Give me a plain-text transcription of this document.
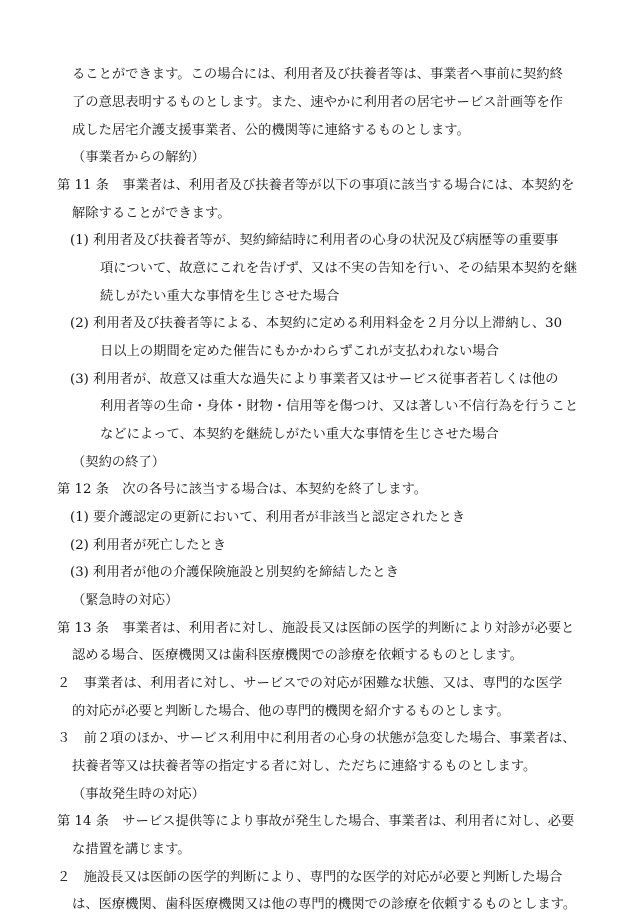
ることができます。この場合には、利用者及び扶養者等は、事業者へ事前に契約終
了の意思表明するものとします。また、速やかに利用者の居宅サービス計画等を作
成した居宅介護支援事業者、公的機関等に連絡するものとします。
（事業者からの解約）
第 11 条　事業者は、利用者及び扶養者等が以下の事項に該当する場合には、本契約を
解除することができます。
(1) 利用者及び扶養者等が、契約締結時に利用者の心身の状況及び病歴等の重要事
項について、故意にこれを告げず、又は不実の告知を行い、その結果本契約を継
続しがたい重大な事情を生じさせた場合
(2) 利用者及び扶養者等による、本契約に定める利用料金を２月分以上滞納し、30
日以上の期間を定めた催告にもかかわらずこれが支払われない場合
(3) 利用者が、故意又は重大な過失により事業者又はサービス従事者若しくは他の
利用者等の生命・身体・財物・信用等を傷つけ、又は著しい不信行為を行うこと
などによって、本契約を継続しがたい重大な事情を生じさせた場合
（契約の終了）
第 12 条　次の各号に該当する場合は、本契約を終了します。
(1) 要介護認定の更新において、利用者が非該当と認定されたとき
(2) 利用者が死亡したとき
(3) 利用者が他の介護保険施設と別契約を締結したとき
（緊急時の対応）
第 13 条　事業者は、利用者に対し、施設長又は医師の医学的判断により対診が必要と
認める場合、医療機関又は歯科医療機関での診療を依頼するものとします。
２　事業者は、利用者に対し、サービスでの対応が困難な状態、又は、専門的な医学
的対応が必要と判断した場合、他の専門的機関を紹介するものとします。
３　前２項のほか、サービス利用中に利用者の心身の状態が急変した場合、事業者は、
扶養者等又は扶養者等の指定する者に対し、ただちに連絡するものとします。
（事故発生時の対応）
第 14 条　サービス提供等により事故が発生した場合、事業者は、利用者に対し、必要
な措置を講じます。
２　施設長又は医師の医学的判断により、専門的な医学的対応が必要と判断した場合
は、医療機関、歯科医療機関又は他の専門的機関での診療を依頼するものとします。
